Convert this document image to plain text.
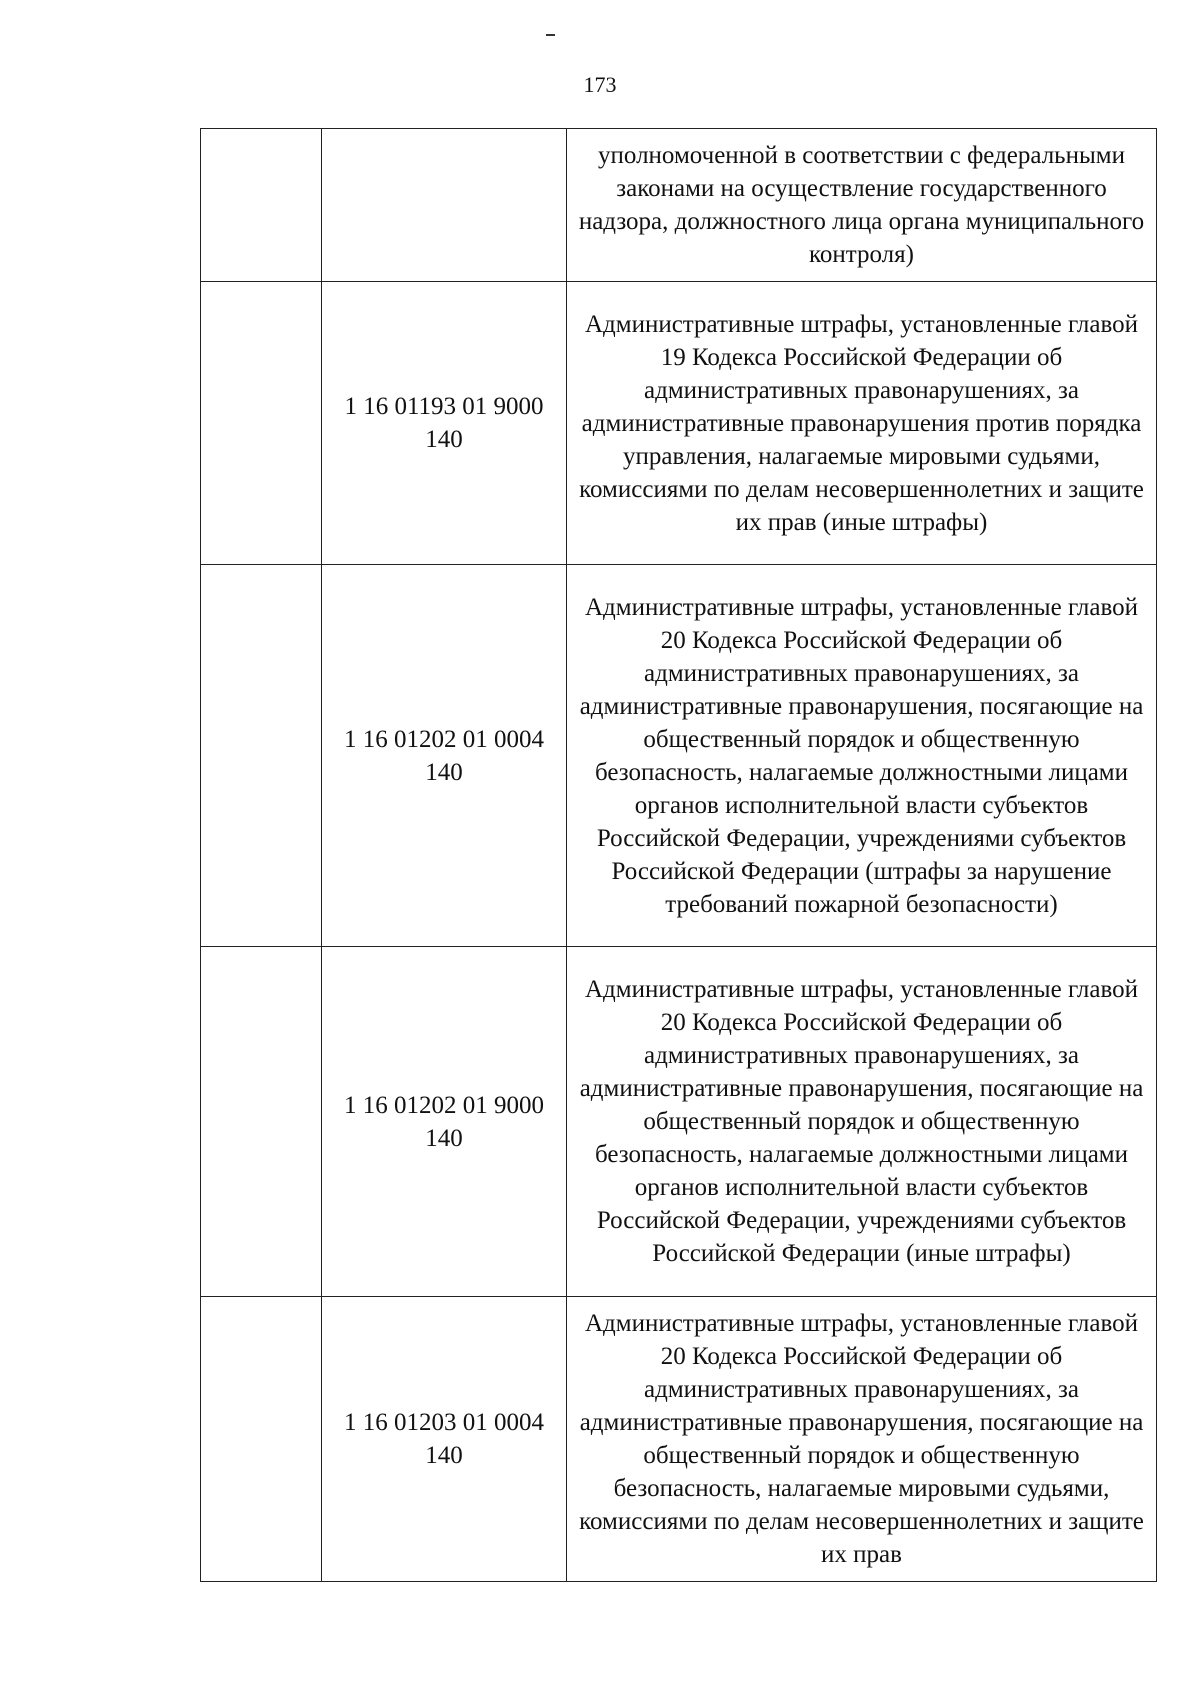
173
		уполномоченной в соответствии с федеральными законами на осуществление государственного надзора, должностного лица органа муниципального контроля)
	1 16 01193 01 9000 140	Административные штрафы, установленные главой 19 Кодекса Российской Федерации об административных правонарушениях, за административные правонарушения против порядка управления, налагаемые мировыми судьями, комиссиями по делам несовершеннолетних и защите их прав (иные штрафы)
	1 16 01202 01 0004 140	Административные штрафы, установленные главой 20 Кодекса Российской Федерации об административных правонарушениях, за административные правонарушения, посягающие на общественный порядок и общественную безопасность, налагаемые должностными лицами органов исполнительной власти субъектов Российской Федерации, учреждениями субъектов Российской Федерации (штрафы за нарушение требований пожарной безопасности)
	1 16 01202 01 9000 140	Административные штрафы, установленные главой 20 Кодекса Российской Федерации об административных правонарушениях, за административные правонарушения, посягающие на общественный порядок и общественную безопасность, налагаемые должностными лицами органов исполнительной власти субъектов Российской Федерации, учреждениями субъектов Российской Федерации (иные штрафы)
	1 16 01203 01 0004 140	Административные штрафы, установленные главой 20 Кодекса Российской Федерации об административных правонарушениях, за административные правонарушения, посягающие на общественный порядок и общественную безопасность, налагаемые мировыми судьями, комиссиями по делам несовершеннолетних и защите их прав
